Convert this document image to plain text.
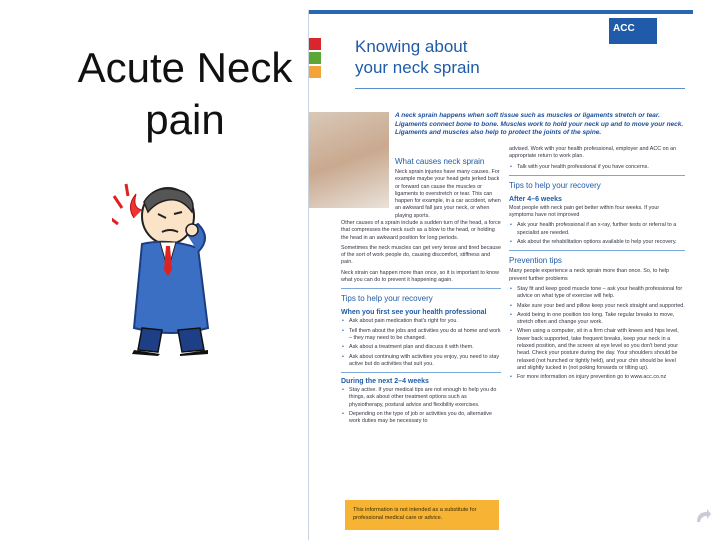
Acute Neck pain
ACC
Knowing about
your neck sprain
A neck sprain happens when soft tissue such as muscles or ligaments stretch or tear. Ligaments connect bone to bone. Muscles work to hold your neck up and to move your neck. Ligaments and muscles also help to protect the joints of the spine.
What causes neck sprain
Neck sprain injuries have many causes. For example maybe your head gets jerked back or forward can cause the muscles or ligaments to overstretch or tear. This can happen for example, in a car accident, when an awkward fall jars your neck, or when playing sports.
Other causes of a sprain include a sudden turn of the head, a force that compresses the neck such as a blow to the head, or holding the head in an awkward position for long periods.
Sometimes the neck muscles can get very tense and tired because of the sort of work people do, causing discomfort, stiffness and pain.
Neck strain can happen more than once, so it is important to know what you can do to prevent it happening again.
Tips to help your recovery
When you first see your health professional
• Ask about pain medication that's right for you.
• Tell them about the jobs and activities you do at home and work – they may need to be changed.
• Ask about a treatment plan and discuss it with them.
• Ask about continuing with activities you enjoy, you need to stay active but do activities that suit you.
During the next 2–4 weeks
• Stay active. If your medical tips are not enough to help you do things, ask about other treatment options such as physiotherapy, postural advice and flexibility exercises.
• Depending on the type of job or activities you do, alternative work duties may be necessary to
advised. Work with your health professional, employer and ACC on an appropriate return to work plan.
• Talk with your health professional if you have concerns.
Tips to help your recovery
After 4–6 weeks
Most people with neck pain get better within four weeks. If your symptoms have not improved
• Ask your health professional if an x-ray, further tests or referral to a specialist are needed.
• Ask about the rehabilitation options available to help your recovery.
Prevention tips
Many people experience a neck sprain more than once. So, to help prevent further problems
• Stay fit and keep good muscle tone – ask your health professional for advice on what type of exercise will help.
• Make sure your bed and pillow keep your neck straight and supported.
• Avoid being in one position too long. Take regular breaks to move, stretch often and change your work.
• When using a computer, sit in a firm chair with knees and hips level, lower back supported, take frequent breaks, keep your neck in a relaxed position, and the screen at eye level so you don't bend your head. Check your posture during the day. Your shoulders should be relaxed (not hunched or tightly held), and your chin should be level and slightly tucked in (not poking forwards or tilting up).
• For more information on injury prevention go to www.acc.co.nz
This information is not intended as a substitute for professional medical care or advice.
